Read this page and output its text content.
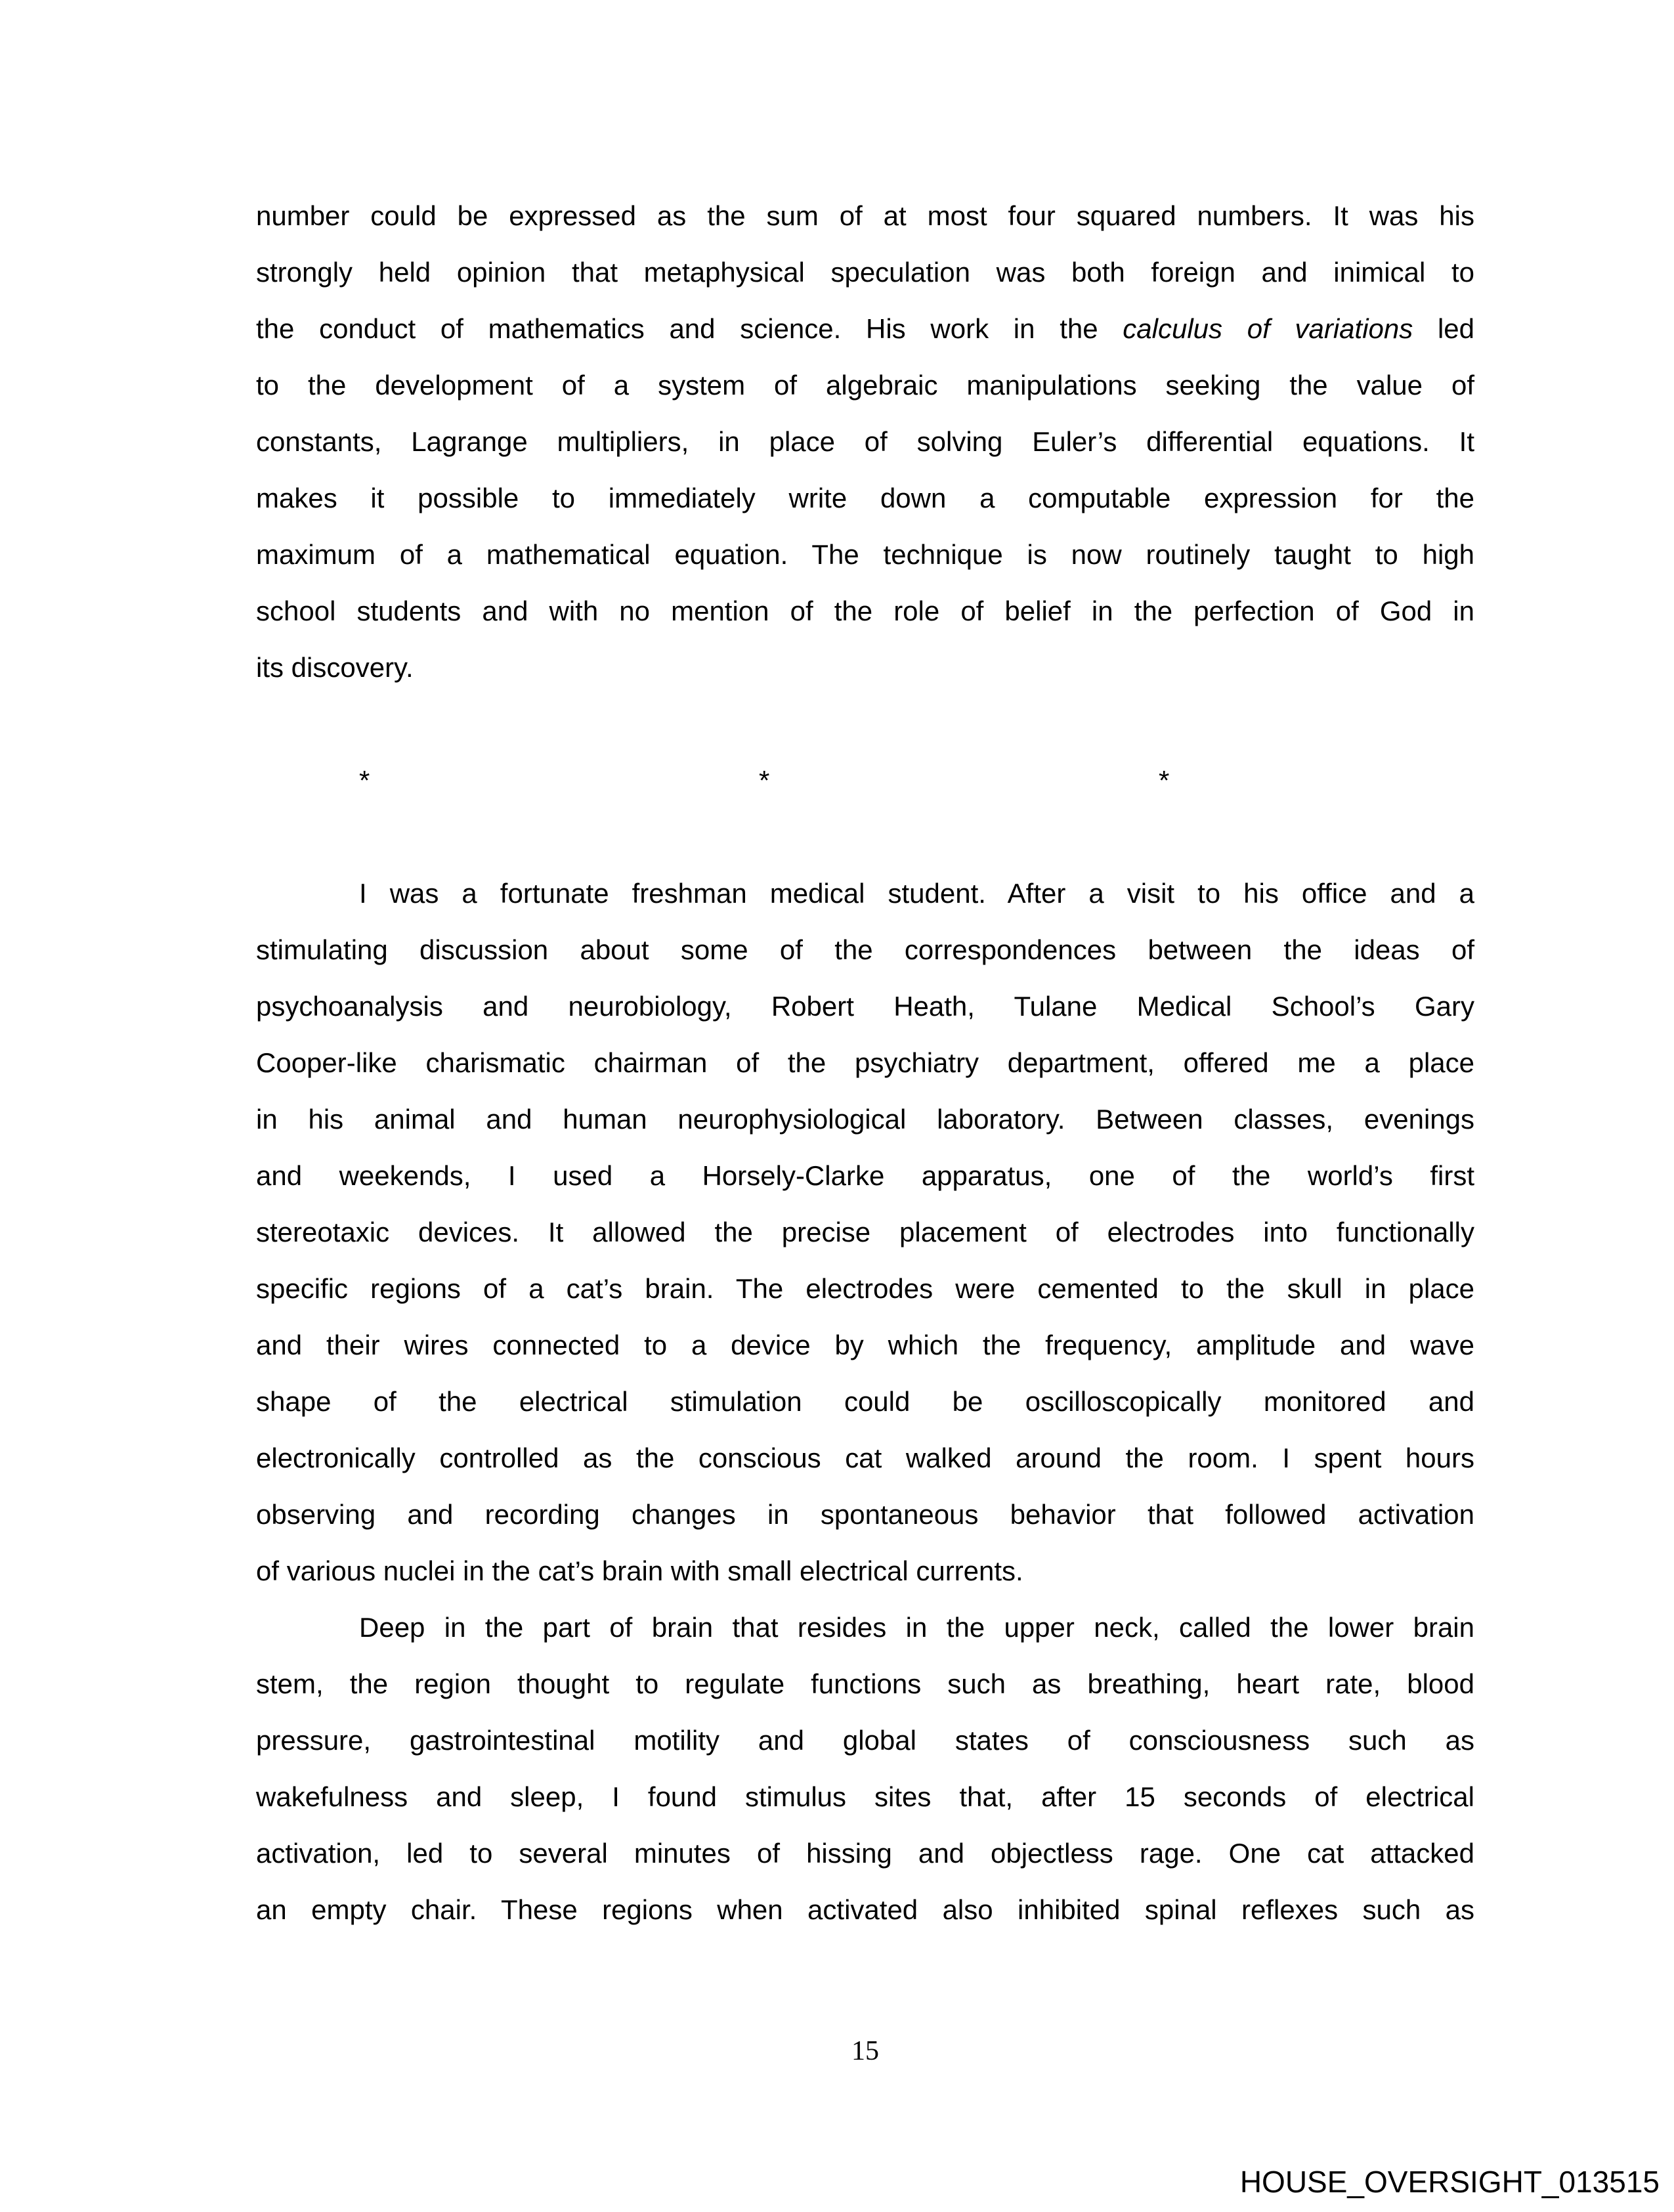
number could be expressed as the sum of at most four squared numbers. It was his
strongly held opinion that metaphysical speculation was both foreign and inimical to
the conduct of mathematics and science. His work in the calculus of variations led
to the development of a system of algebraic manipulations seeking the value of
constants, Lagrange multipliers, in place of solving Euler’s differential equations. It
makes it possible to immediately write down a computable expression for the
maximum of a mathematical equation. The technique is now routinely taught to high
school students and with no mention of the role of belief in the perfection of God in
its discovery.
*	*	*
I was a fortunate freshman medical student. After a visit to his office and a
stimulating discussion about some of the correspondences between the ideas of
psychoanalysis and neurobiology, Robert Heath, Tulane Medical School’s Gary
Cooper-like charismatic chairman of the psychiatry department, offered me a place
in his animal and human neurophysiological laboratory. Between classes, evenings
and weekends, I used a Horsely-Clarke apparatus, one of the world’s first
stereotaxic devices. It allowed the precise placement of electrodes into functionally
specific regions of a cat’s brain. The electrodes were cemented to the skull in place
and their wires connected to a device by which the frequency, amplitude and wave
shape of the electrical stimulation could be oscilloscopically monitored and
electronically controlled as the conscious cat walked around the room. I spent hours
observing and recording changes in spontaneous behavior that followed activation
of various nuclei in the cat’s brain with small electrical currents.
Deep in the part of brain that resides in the upper neck, called the lower brain
stem, the region thought to regulate functions such as breathing, heart rate, blood
pressure, gastrointestinal motility and global states of consciousness such as
wakefulness and sleep, I found stimulus sites that, after 15 seconds of electrical
activation, led to several minutes of hissing and objectless rage. One cat attacked
an empty chair. These regions when activated also inhibited spinal reflexes such as
15
HOUSE_OVERSIGHT_013515
